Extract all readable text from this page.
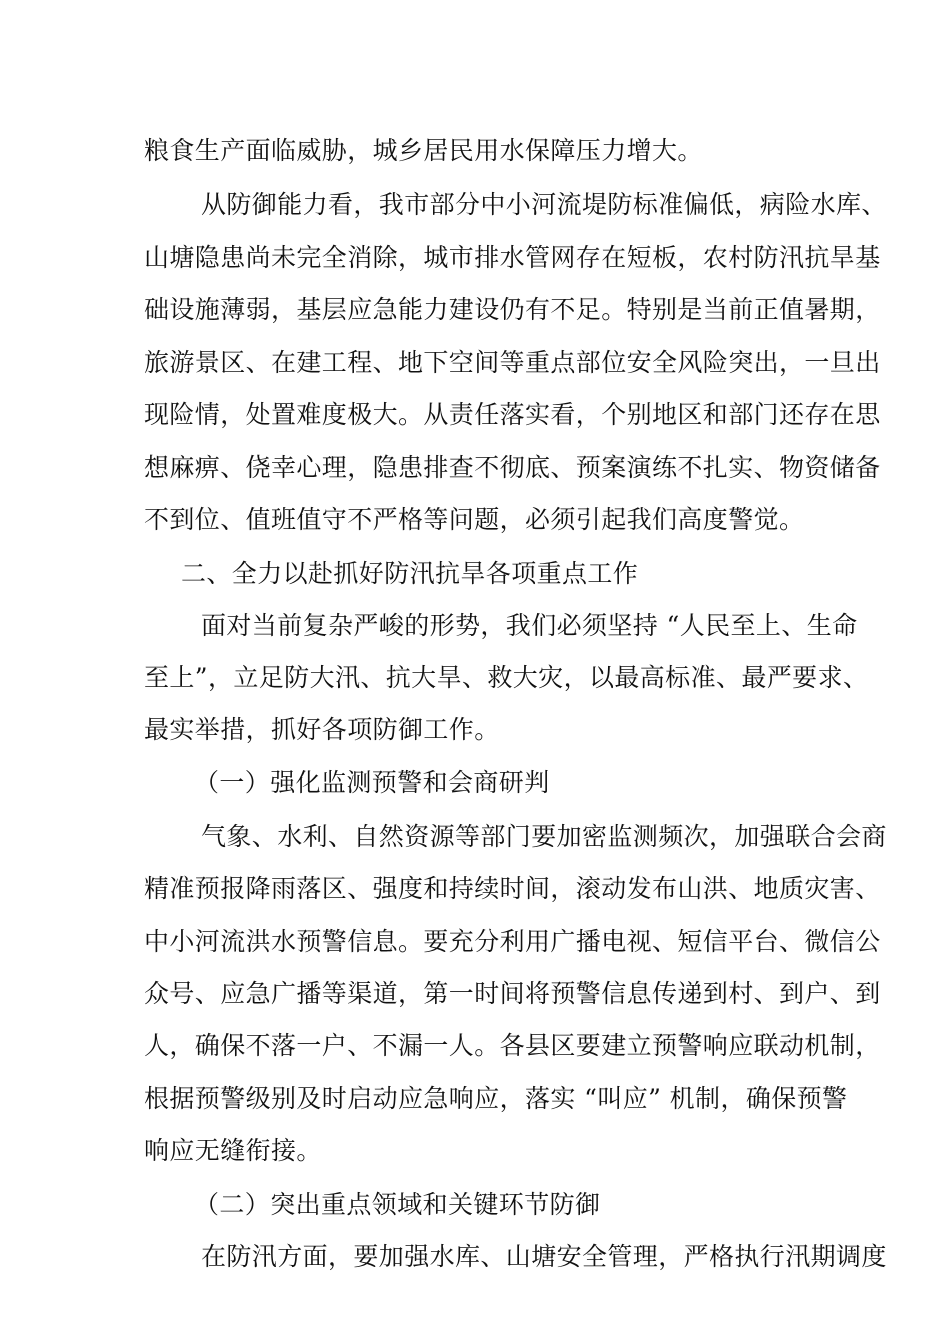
粮食生产面临威胁，城乡居民用水保障压力增大。
从防御能力看，我市部分中小河流堤防标准偏低，病险水库、
山塘隐患尚未完全消除，城市排水管网存在短板，农村防汛抗旱基
础设施薄弱，基层应急能力建设仍有不足。特别是当前正值暑期，
旅游景区、在建工程、地下空间等重点部位安全风险突出，一旦出
现险情，处置难度极大。从责任落实看，个别地区和部门还存在思
想麻痹、侥幸心理，隐患排查不彻底、预案演练不扎实、物资储备
不到位、值班值守不严格等问题，必须引起我们高度警觉。
二、全力以赴抓好防汛抗旱各项重点工作
面对当前复杂严峻的形势，我们必须坚持 “人民至上、生命
至上”，立足防大汛、抗大旱、救大灾，以最高标准、最严要求、
最实举措，抓好各项防御工作。
（一）强化监测预警和会商研判
气象、水利、自然资源等部门要加密监测频次，加强联合会商
精准预报降雨落区、强度和持续时间，滚动发布山洪、地质灾害、
中小河流洪水预警信息。要充分利用广播电视、短信平台、微信公
众号、应急广播等渠道，第一时间将预警信息传递到村、到户、到
人，确保不落一户、不漏一人。各县区要建立预警响应联动机制，
根据预警级别及时启动应急响应，落实 “叫应” 机制，确保预警
响应无缝衔接。
（二）突出重点领域和关键环节防御
在防汛方面，要加强水库、山塘安全管理，严格执行汛期调度
